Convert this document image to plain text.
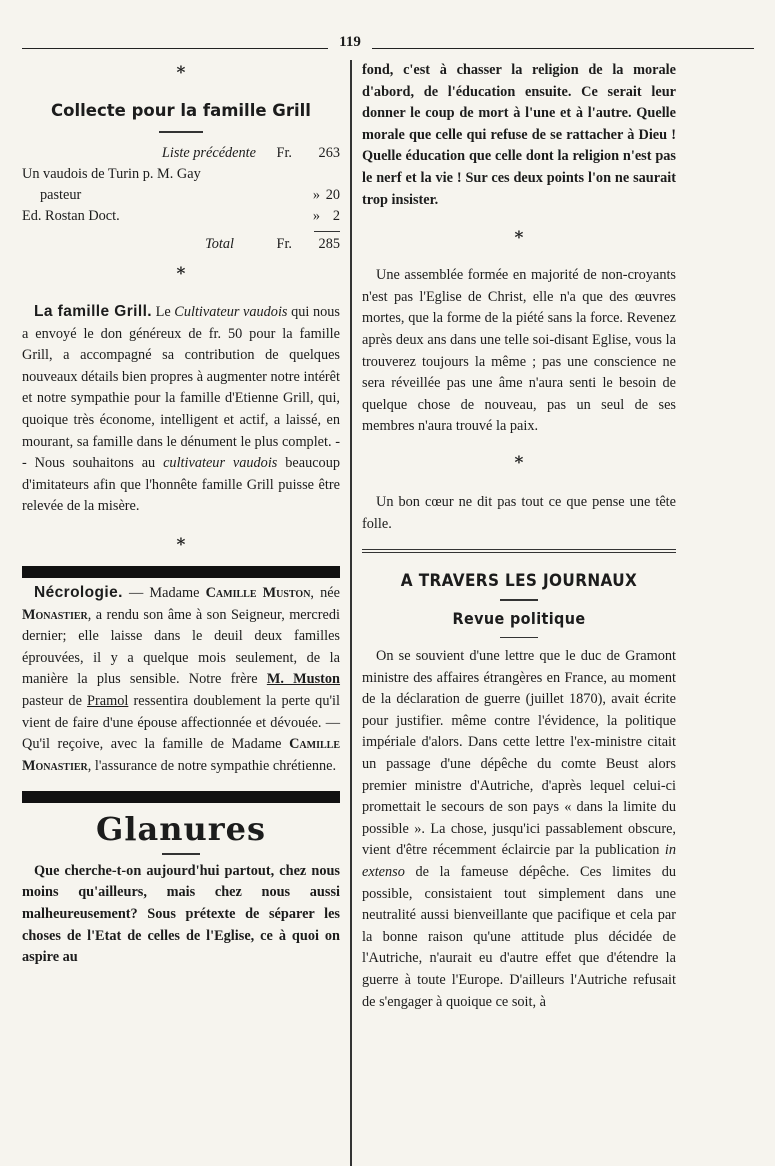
119
*
Collecte pour la famille Grill
Liste précédente	Fr.	263
Un vaudois de Turin p. M. Gay
pasteur	» 20
Ed. Rostan Doct.	» 2
Total	Fr.	285
*

La famille Grill. Le Cultivateur vaudois qui nous a envoyé le don généreux de fr. 50 pour la famille Grill, a accompagné sa contribution de quelques nouveaux détails bien propres à augmenter notre intérêt et notre sympathie pour la famille d'Etienne Grill, qui, quoique très économe, intelligent et actif, a laissé, en mourant, sa famille dans le dénument le plus complet. -- Nous souhaitons au cultivateur vaudois beaucoup d'imitateurs afin que l'honnête famille Grill puisse être relevée de la misère.

*

Nécrologie. — Madame Camille Muston, née Monastier, a rendu son âme à son Seigneur, mercredi dernier; elle laisse dans le deuil deux familles éprouvées, il y a quelque mois seulement, de la manière la plus sensible. Notre frère M. Muston pasteur de Pramol ressentira doublement la perte qu'il vient de faire d'une épouse affectionnée et dévouée. — Qu'il reçoive, avec la famille de Madame Camille Monastier, l'assurance de notre sympathie chrétienne.

Glanures

Que cherche-t-on aujourd'hui partout, chez nous moins qu'ailleurs, mais chez nous aussi malheureusement? Sous prétexte de séparer les choses de l'Etat de celles de l'Eglise, ce à quoi on aspire au

fond, c'est à chasser la religion de la morale d'abord, de l'éducation ensuite. Ce serait leur donner le coup de mort à l'une et à l'autre. Quelle morale que celle qui refuse de se rattacher à Dieu ! Quelle éducation que celle dont la religion n'est pas le nerf et la vie ! Sur ces deux points l'on ne saurait trop insister.

*

Une assemblée formée en majorité de non-croyants n'est pas l'Eglise de Christ, elle n'a que des œuvres mortes, que la forme de la piété sans la force. Revenez après deux ans dans une telle soi-disant Eglise, vous la trouverez toujours la même ; pas une conscience ne sera réveillée pas une âme n'aura senti le besoin de quelque chose de nouveau, pas un seul de ses membres n'aura trouvé la paix.

*

Un bon cœur ne dit pas tout ce que pense une tête folle.

A TRAVERS LES JOURNAUX
Revue politique

On se souvient d'une lettre que le duc de Gramont ministre des affaires étrangères en France, au moment de la déclaration de guerre (juillet 1870), avait écrite pour justifier. même contre l'évidence, la politique impériale d'alors. Dans cette lettre l'ex-ministre citait un passage d'une dépêche du comte Beust alors premier ministre d'Autriche, d'après lequel celui-ci promettait le secours de son pays « dans la limite du possible ». La chose, jusqu'ici passablement obscure, vient d'être récemment éclaircie par la publication in extenso de la fameuse dépêche. Ces limites du possible, consistaient tout simplement dans une neutralité aussi bienveillante que pacifique et cela par la bonne raison qu'une attitude plus décidée de l'Autriche, n'aurait eu d'autre effet que d'étendre la guerre à toute l'Europe. D'ailleurs l'Autriche refusait de s'engager à quoique ce soit, à
